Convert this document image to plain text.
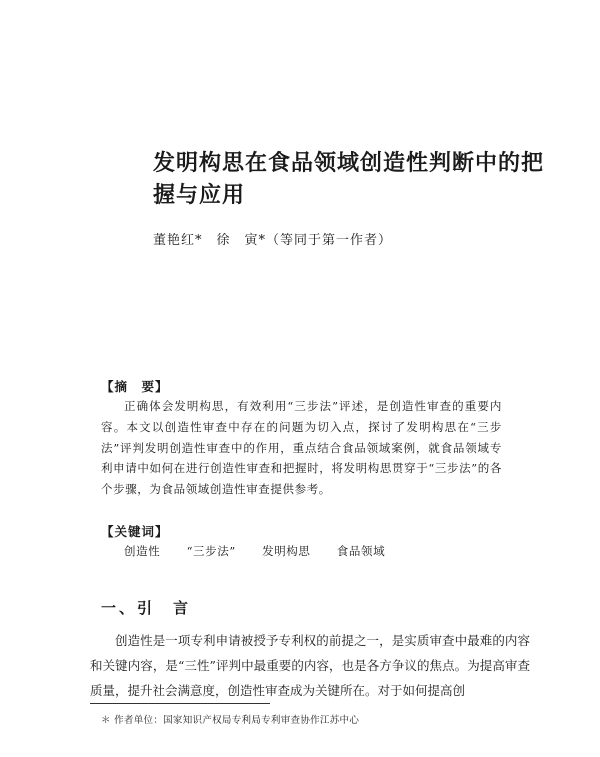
发明构思在食品领域创造性判断中的把握与应用
董艳红*　徐　寅*（等同于第一作者）
【摘　要】

正确体会发明构思，有效利用“三步法”评述，是创造性审查的重要内容。本文以创造性审查中存在的问题为切入点，探讨了发明构思在“三步法”评判发明创造性审查中的作用，重点结合食品领域案例，就食品领域专利申请中如何在进行创造性审查和把握时，将发明构思贯穿于“三步法”的各个步骤，为食品领域创造性审查提供参考。

【关键词】
创造性 “三步法” 发明构思 食品领域
一、引　言

创造性是一项专利申请被授予专利权的前提之一，是实质审查中最难的内容和关键内容，是“三性”评判中最重要的内容，也是各方争议的焦点。为提高审查质量，提升社会满意度，创造性审查成为关键所在。对于如何提高创

＊ 作者单位：国家知识产权局专利局专利审查协作江苏中心
